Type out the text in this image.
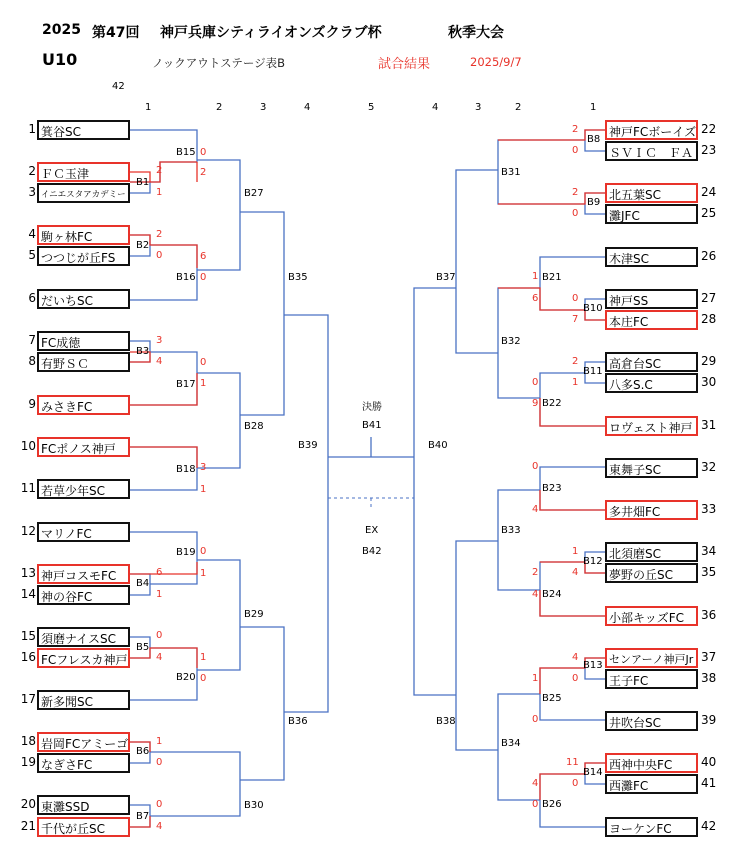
2025 第47回 神戸兵庫シティライオンズクラブ杯	秋季大会
U10	ノックアウトステージ表B	試合結果	2025/9/7
42
1	2	3	4	5	4	3	2	1
1 箕谷SC
2 ＦＣ玉津
3 イニエスタアカデミー
4 駒ヶ林FC
5 つつじが丘FS
6 だいちSC
7 FC成徳
8 有野ＳＣ
9 みさきFC
10 FCポノス神戸
11 若草少年SC
12 マリノFC
13 神戸コスモFC
14 神の谷FC
15 須磨ナイスSC
16 FCフレスカ神戸
17 新多聞SC
18 岩岡FCアミーゴ
19 なぎさFC
20 東灘SSD
21 千代が丘SC
神戸FCボーイズ 22
ＳＶＩＣ　ＦＡ 23
北五葉SC	24
灘JFC	25
木津SC	26
神戸SS	27
本庄FC	28
高倉台SC	29
八多S.C	30
ロヴェスト神戸 31
東舞子SC	32
多井畑FC	33
北須磨SC	34
夢野の丘SC	35
小部キッズFC	36
センアーノ神戸Jr 37
王子FC	38
井吹台SC	39
西神中央FC	40
西灘FC	41
ヨーケンFC	42
B1
B2
B3
B4
B5
B6
B7
B15
B16
B17
B18
B19
B20
B27
B28
B29
B30
B35
B36
B39
決勝
B41
EX
B42
B40
B37
B38
B31
B32
B33
B34
B21
B22
B23
B24
B25
B26
B8
B9
B10
B11
B12
B13
B14
2
1
2
0
3
4
6
1
0
4
1
0
0
4
0
2
6
0
0
1
3
1
0
1
1
0
2
0
2
0
0
7
2
1
1
4
4
0
11
0
1
6
0
9
0
4
2
4
1
0
4
0
